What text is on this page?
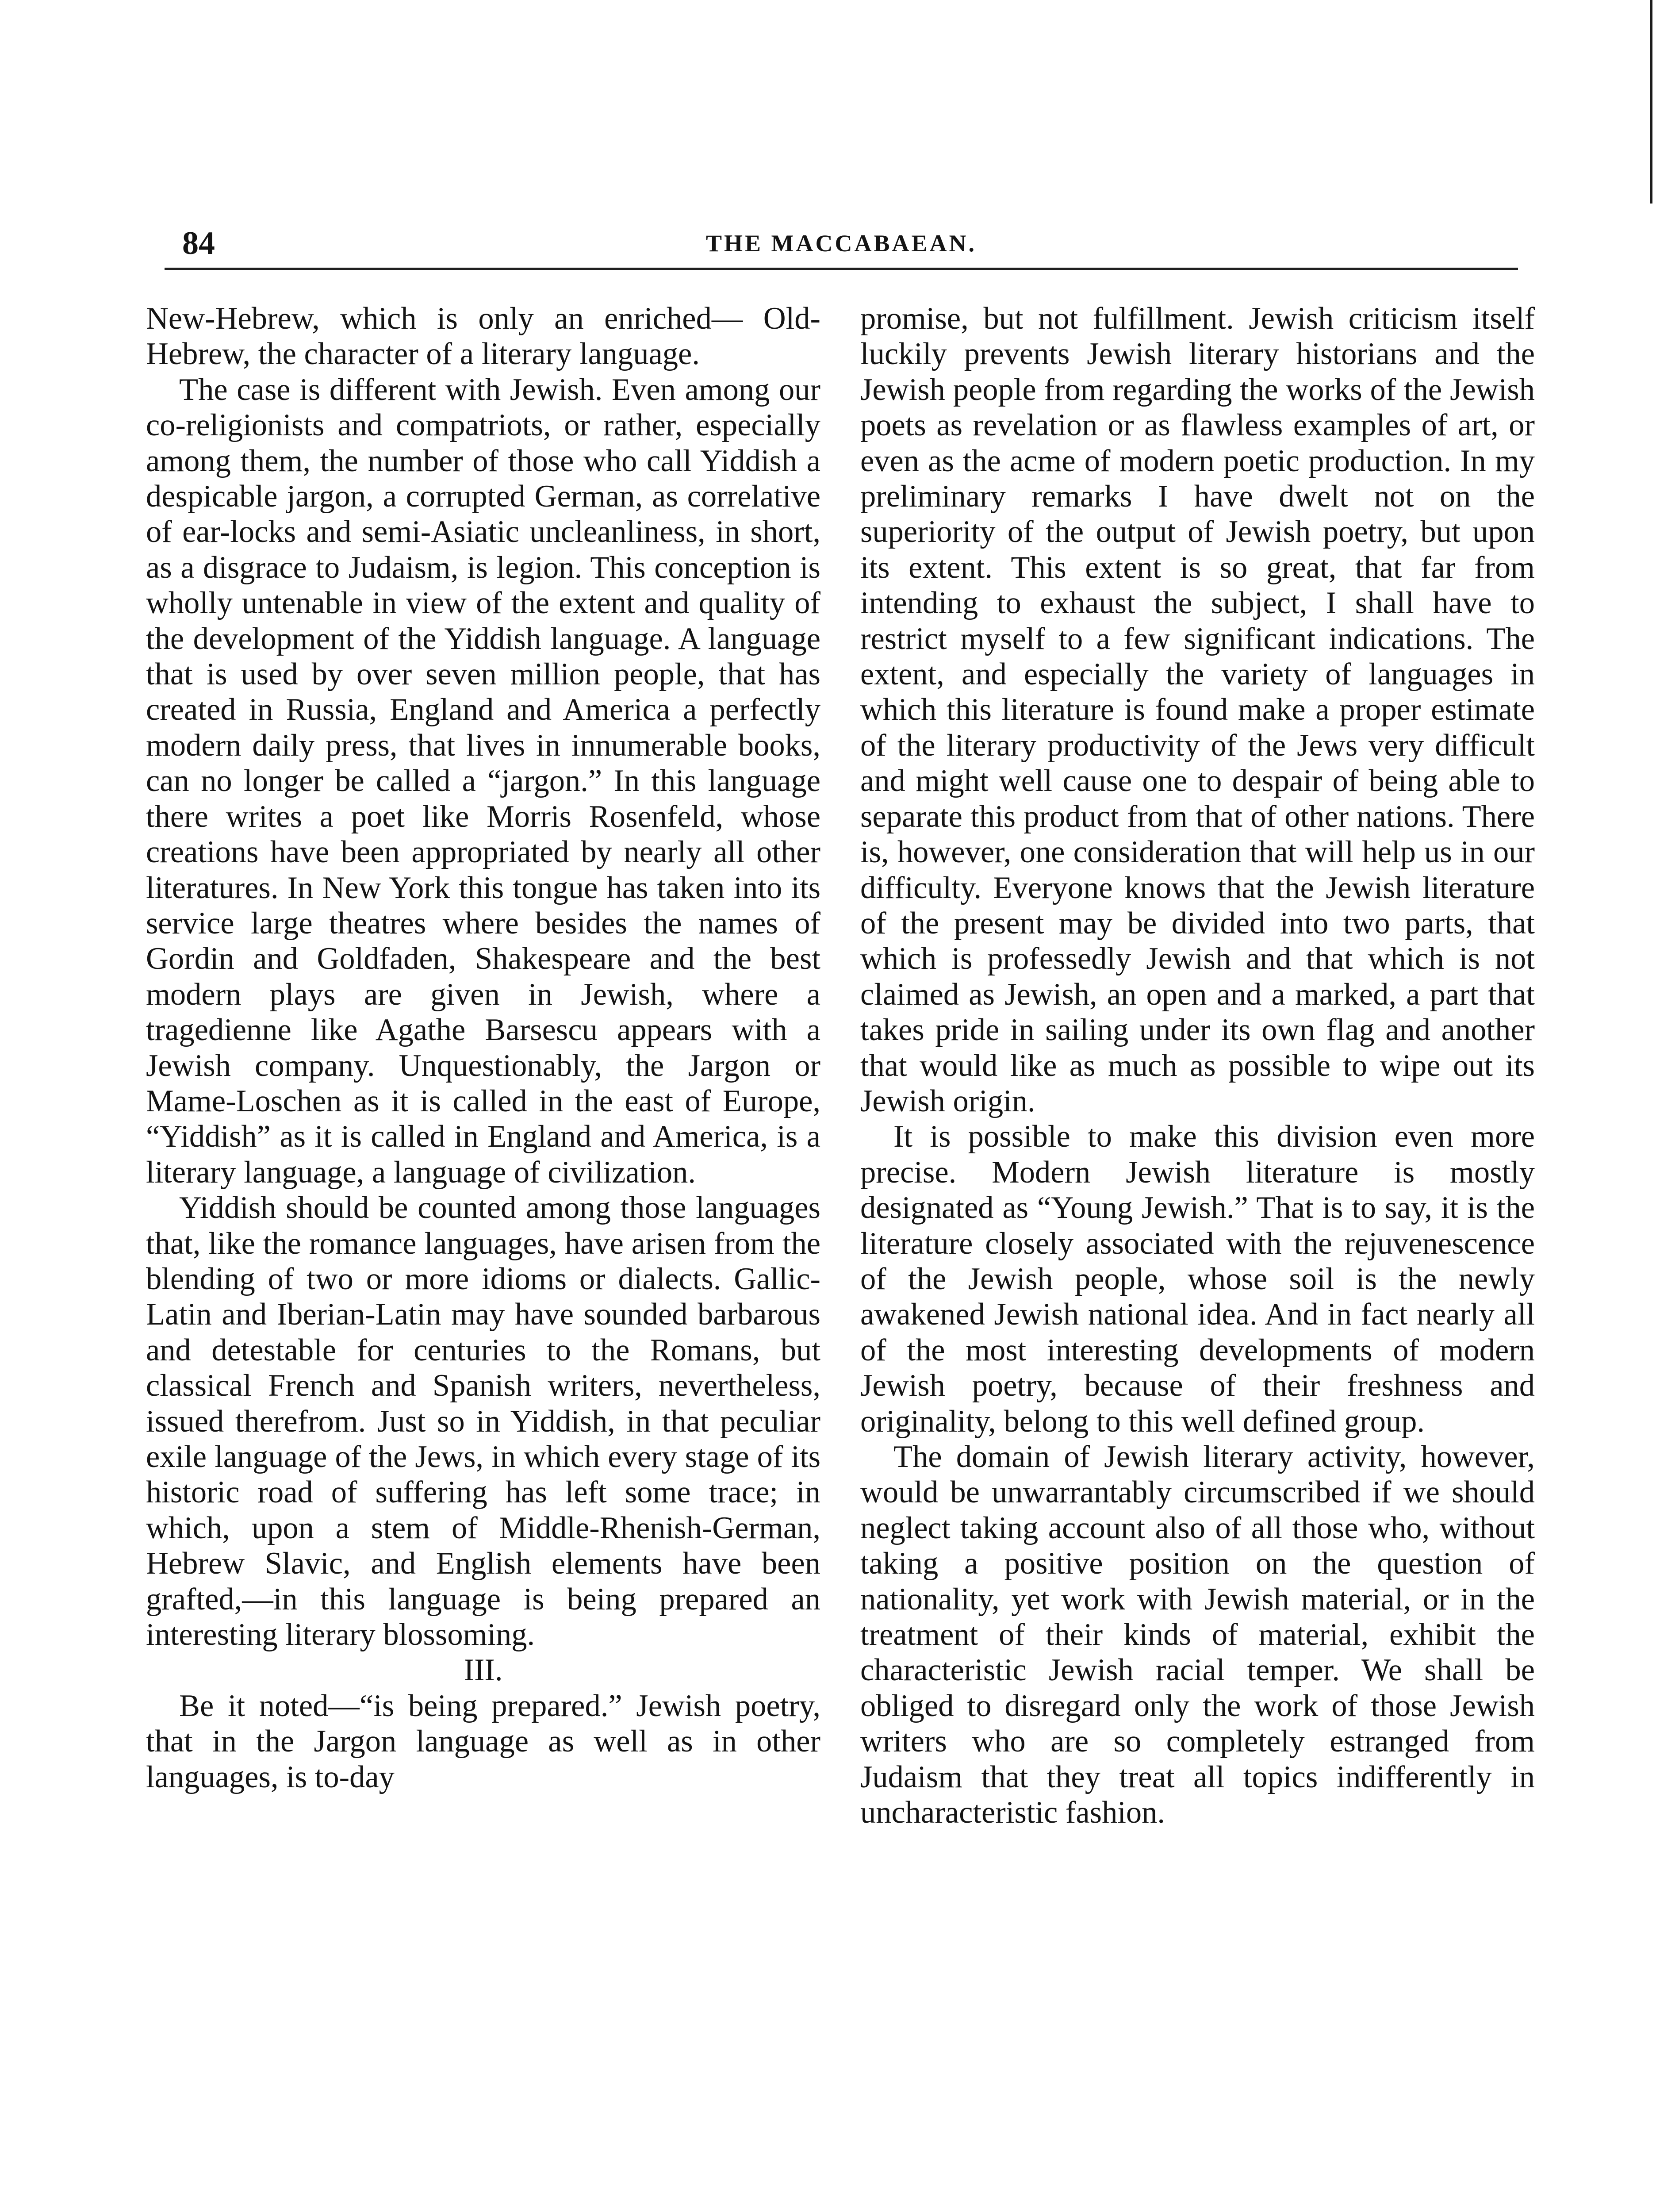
84	THE MACCABAEAN.

New-Hebrew, which is only an enriched— Old-Hebrew, the character of a literary language.

The case is different with Jewish. Even among our co-religionists and compatriots, or rather, especially among them, the number of those who call Yiddish a despicable jargon, a corrupted German, as correlative of ear-locks and semi-Asiatic uncleanliness, in short, as a disgrace to Judaism, is legion. This conception is wholly untenable in view of the extent and quality of the development of the Yiddish language. A language that is used by over seven million people, that has created in Russia, England and America a perfectly modern daily press, that lives in innumerable books, can no longer be called a “jargon.” In this language there writes a poet like Morris Rosenfeld, whose creations have been appropriated by nearly all other literatures. In New York this tongue has taken into its service large theatres where besides the names of Gordin and Goldfaden, Shakespeare and the best modern plays are given in Jewish, where a tragedienne like Agathe Barsescu appears with a Jewish company. Unquestionably, the Jargon or Mame-Loschen as it is called in the east of Europe, “Yiddish” as it is called in England and America, is a literary language, a language of civilization.

Yiddish should be counted among those languages that, like the romance languages, have arisen from the blending of two or more idioms or dialects. Gallic-Latin and Iberian-Latin may have sounded barbarous and detestable for centuries to the Romans, but classical French and Spanish writers, nevertheless, issued therefrom. Just so in Yiddish, in that peculiar exile language of the Jews, in which every stage of its historic road of suffering has left some trace; in which, upon a stem of Middle-Rhenish-German, Hebrew Slavic, and English elements have been grafted,—in this language is being prepared an interesting literary blossoming.

III.

Be it noted—“is being prepared.” Jewish poetry, that in the Jargon language as well as in other languages, is to-day

promise, but not fulfillment. Jewish criticism itself luckily prevents Jewish literary historians and the Jewish people from regarding the works of the Jewish poets as revelation or as flawless examples of art, or even as the acme of modern poetic production. In my preliminary remarks I have dwelt not on the superiority of the output of Jewish poetry, but upon its extent. This extent is so great, that far from intending to exhaust the subject, I shall have to restrict myself to a few significant indications. The extent, and especially the variety of languages in which this literature is found make a proper estimate of the literary productivity of the Jews very difficult and might well cause one to despair of being able to separate this product from that of other nations. There is, however, one consideration that will help us in our difficulty. Everyone knows that the Jewish literature of the present may be divided into two parts, that which is professedly Jewish and that which is not claimed as Jewish, an open and a marked, a part that takes pride in sailing under its own flag and another that would like as much as possible to wipe out its Jewish origin.

It is possible to make this division even more precise. Modern Jewish literature is mostly designated as “Young Jewish.” That is to say, it is the literature closely associated with the rejuvenescence of the Jewish people, whose soil is the newly awakened Jewish national idea. And in fact nearly all of the most interesting developments of modern Jewish poetry, because of their freshness and originality, belong to this well defined group.

The domain of Jewish literary activity, however, would be unwarrantably circumscribed if we should neglect taking account also of all those who, without taking a positive position on the question of nationality, yet work with Jewish material, or in the treatment of their kinds of material, exhibit the characteristic Jewish racial temper. We shall be obliged to disregard only the work of those Jewish writers who are so completely estranged from Judaism that they treat all topics indifferently in uncharacteristic fashion.
